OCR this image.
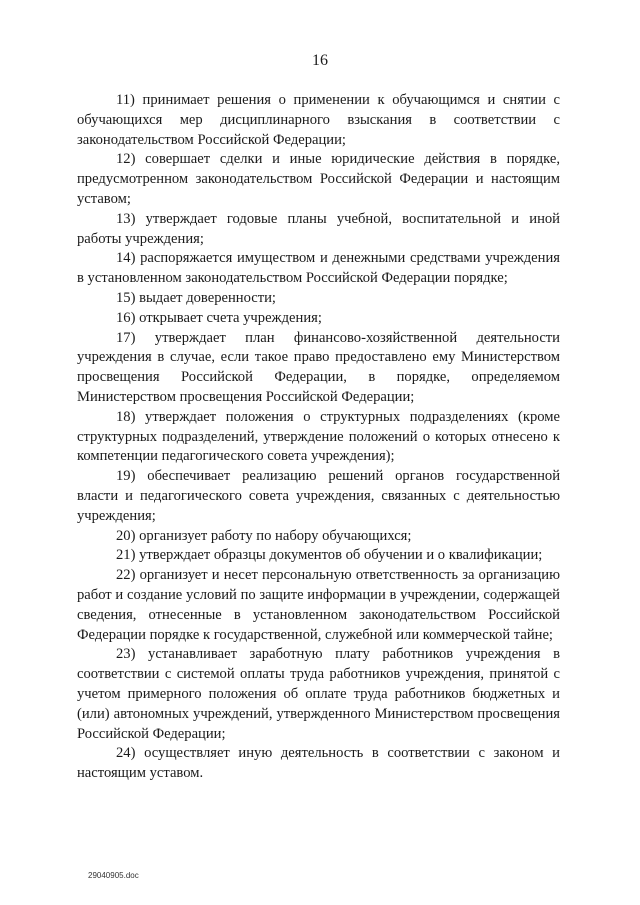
16

11) принимает решения о применении к обучающимся и снятии с обучающихся мер дисциплинарного взыскания в соответствии с законодательством Российской Федерации;

12) совершает сделки и иные юридические действия в порядке, предусмотренном законодательством Российской Федерации и настоящим уставом;

13) утверждает годовые планы учебной, воспитательной и иной работы учреждения;

14) распоряжается имуществом и денежными средствами учреждения в установленном законодательством Российской Федерации порядке;

15) выдает доверенности;

16) открывает счета учреждения;

17) утверждает план финансово-хозяйственной деятельности учреждения в случае, если такое право предоставлено ему Министерством просвещения Российской Федерации, в порядке, определяемом Министерством просвещения Российской Федерации;

18) утверждает положения о структурных подразделениях (кроме структурных подразделений, утверждение положений о которых отнесено к компетенции педагогического совета учреждения);

19) обеспечивает реализацию решений органов государственной власти и педагогического совета учреждения, связанных с деятельностью учреждения;

20) организует работу по набору обучающихся;

21) утверждает образцы документов об обучении и о квалификации;

22) организует и несет персональную ответственность за организацию работ и создание условий по защите информации в учреждении, содержащей сведения, отнесенные в установленном законодательством Российской Федерации порядке к государственной, служебной или коммерческой тайне;

23) устанавливает заработную плату работников учреждения в соответствии с системой оплаты труда работников учреждения, принятой с учетом примерного положения об оплате труда работников бюджетных и (или) автономных учреждений, утвержденного Министерством просвещения Российской Федерации;

24) осуществляет иную деятельность в соответствии с законом и настоящим уставом.

29040905.doc
